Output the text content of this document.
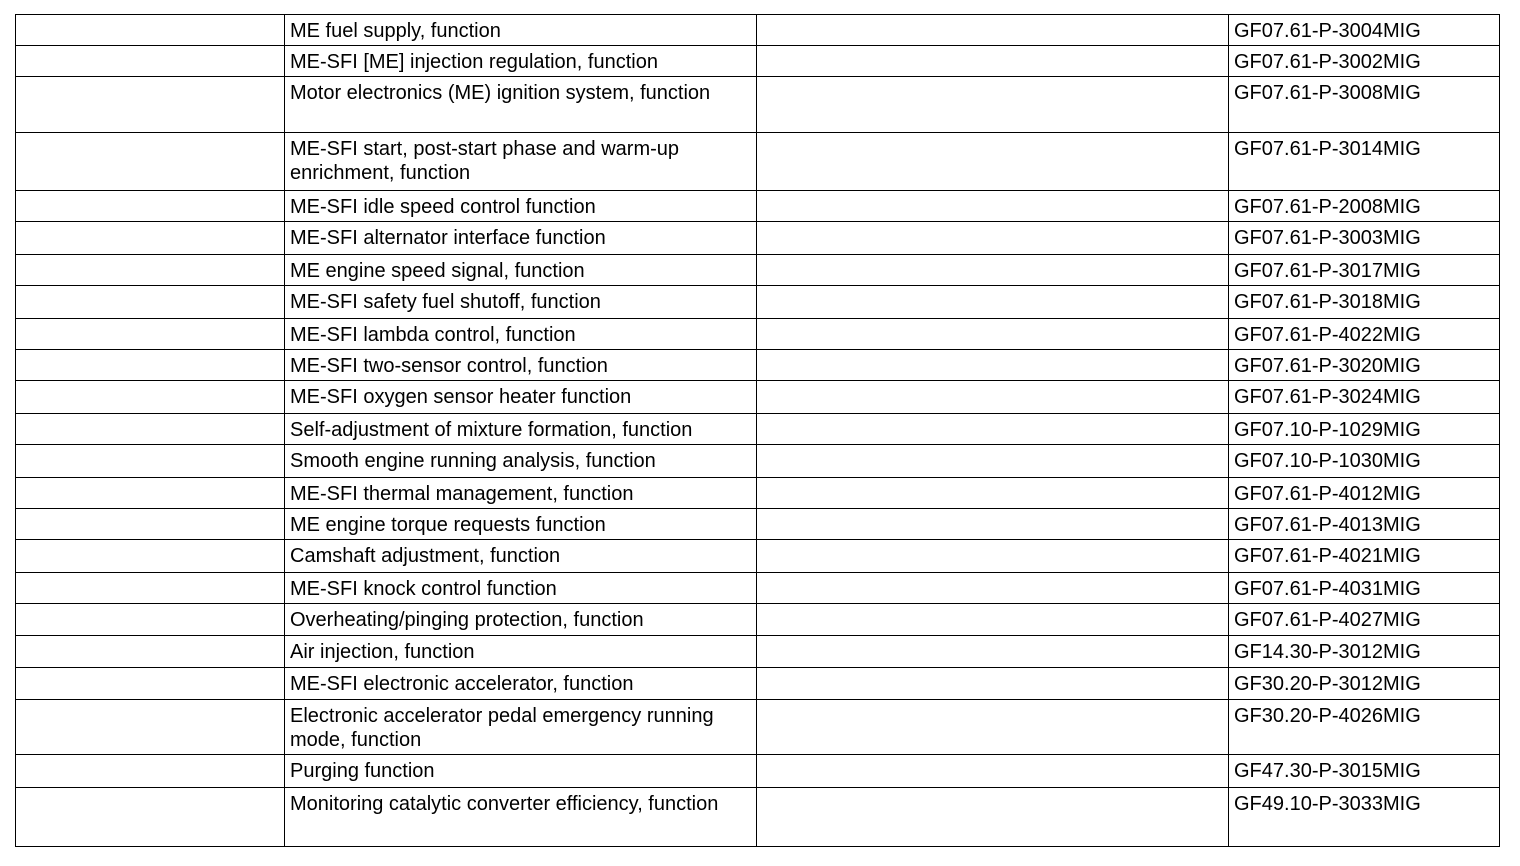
	ME fuel supply, function		GF07.61-P-3004MIG
	ME-SFI [ME] injection regulation, function		GF07.61-P-3002MIG
	Motor electronics (ME) ignition system, function		GF07.61-P-3008MIG
	ME-SFI start, post-start phase and warm-up enrichment, function		GF07.61-P-3014MIG
	ME-SFI idle speed control function		GF07.61-P-2008MIG
	ME-SFI alternator interface function		GF07.61-P-3003MIG
	ME engine speed signal, function		GF07.61-P-3017MIG
	ME-SFI safety fuel shutoff, function		GF07.61-P-3018MIG
	ME-SFI lambda control, function		GF07.61-P-4022MIG
	ME-SFI two-sensor control, function		GF07.61-P-3020MIG
	ME-SFI oxygen sensor heater function		GF07.61-P-3024MIG
	Self-adjustment of mixture formation, function		GF07.10-P-1029MIG
	Smooth engine running analysis, function		GF07.10-P-1030MIG
	ME-SFI thermal management, function		GF07.61-P-4012MIG
	ME engine torque requests function		GF07.61-P-4013MIG
	Camshaft adjustment, function		GF07.61-P-4021MIG
	ME-SFI knock control function		GF07.61-P-4031MIG
	Overheating/pinging protection, function		GF07.61-P-4027MIG
	Air injection, function		GF14.30-P-3012MIG
	ME-SFI electronic accelerator, function		GF30.20-P-3012MIG
	Electronic accelerator pedal emergency running mode, function		GF30.20-P-4026MIG
	Purging function		GF47.30-P-3015MIG
	Monitoring catalytic converter efficiency, function		GF49.10-P-3033MIG
